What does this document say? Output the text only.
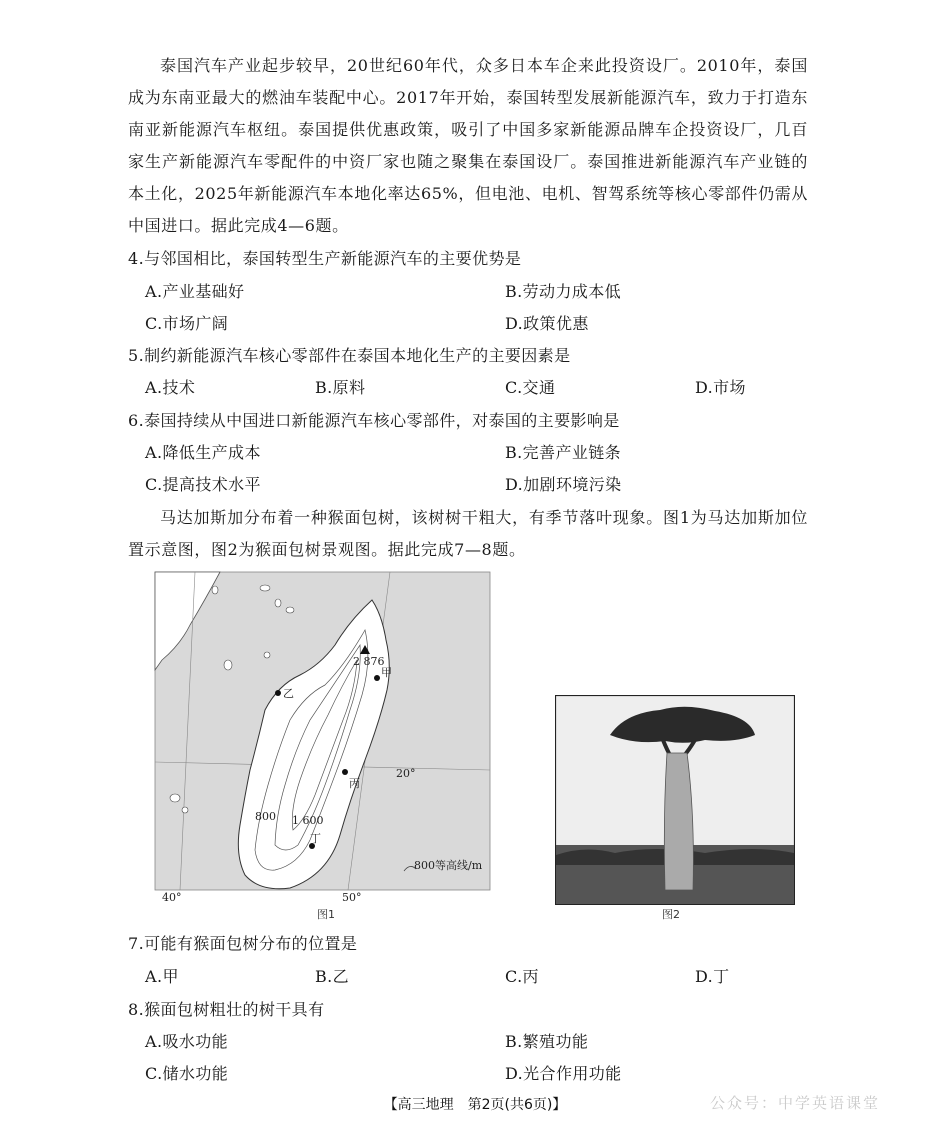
泰国汽车产业起步较早，20世纪60年代，众多日本车企来此投资设厂。2010年，泰国成为东南亚最大的燃油车装配中心。2017年开始，泰国转型发展新能源汽车，致力于打造东南亚新能源汽车枢纽。泰国提供优惠政策，吸引了中国多家新能源品牌车企投资设厂，几百家生产新能源汽车零配件的中资厂家也随之聚集在泰国设厂。泰国推进新能源汽车产业链的本土化，2025年新能源汽车本地化率达65%，但电池、电机、智驾系统等核心零部件仍需从中国进口。据此完成4—6题。

4.与邻国相比，泰国转型生产新能源汽车的主要优势是

A.产业基础好	B.劳动力成本低
C.市场广阔	D.政策优惠

5.制约新能源汽车核心零部件在泰国本地化生产的主要因素是

A.技术	B.原料	C.交通	D.市场

6.泰国持续从中国进口新能源汽车核心零部件，对泰国的主要影响是

A.降低生产成本	B.完善产业链条
C.提高技术水平	D.加剧环境污染

马达加斯加分布着一种猴面包树，该树树干粗大，有季节落叶现象。图1为马达加斯加位置示意图，图2为猴面包树景观图。据此完成7—8题。

2 876
甲
乙
丙
丁
800 1 600
20°
40°	50°
800等高线/m
图1	图2

7.可能有猴面包树分布的位置是

A.甲	B.乙	C.丙	D.丁

8.猴面包树粗壮的树干具有

A.吸水功能	B.繁殖功能
C.储水功能	D.光合作用功能
【高三地理　第2页(共6页)】	公众号：中学英语课堂
